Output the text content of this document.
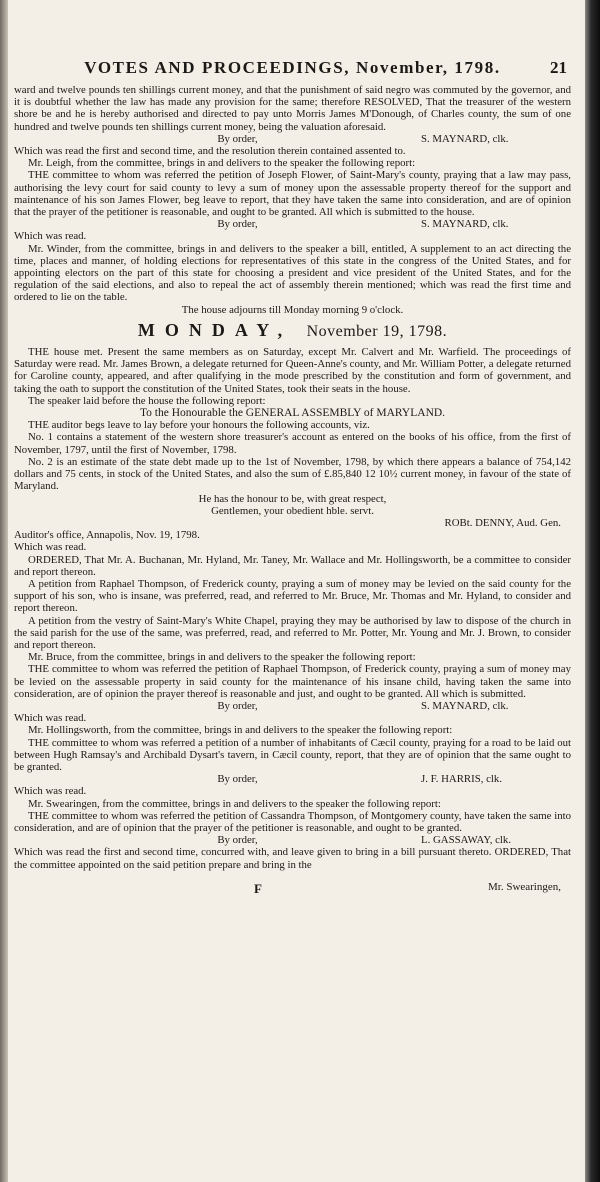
VOTES AND PROCEEDINGS, November, 1798.	21

ward and twelve pounds ten shillings current money, and that the punishment of said negro was commuted by the governor, and it is doubtful whether the law has made any provision for the same; therefore RESOLVED, That the treasurer of the western shore be and he is hereby authorised and directed to pay unto Morris James M'Donough, of Charles county, the sum of one hundred and twelve pounds ten shillings current money, being the valuation aforesaid.

By order,	S. MAYNARD, clk.

Which was read the first and second time, and the resolution therein contained assented to.

Mr. Leigh, from the committee, brings in and delivers to the speaker the following report:

THE committee to whom was referred the petition of Joseph Flower, of Saint-Mary's county, praying that a law may pass, authorising the levy court for said county to levy a sum of money upon the assessable property thereof for the support and maintenance of his son James Flower, beg leave to report, that they have taken the same into consideration, and are of opinion that the prayer of the petitioner is reasonable, and ought to be granted. All which is submitted to the house.

By order,	S. MAYNARD, clk.

Which was read.

Mr. Winder, from the committee, brings in and delivers to the speaker a bill, entitled, A supplement to an act directing the time, places and manner, of holding elections for representatives of this state in the congress of the United States, and for appointing electors on the part of this state for choosing a president and vice president of the United States, and for the regulation of the said elections, and also to repeal the act of assembly therein mentioned; which was read the first time and ordered to lie on the table.

The house adjourns till Monday morning 9 o'clock.

MONDAY, November 19, 1798.

THE house met. Present the same members as on Saturday, except Mr. Calvert and Mr. Warfield. The proceedings of Saturday were read. Mr. James Brown, a delegate returned for Queen-Anne's county, and Mr. William Potter, a delegate returned for Caroline county, appeared, and after qualifying in the mode prescribed by the constitution and form of government, and taking the oath to support the constitution of the United States, took their seats in the house.

The speaker laid before the house the following report:

To the Honourable the GENERAL ASSEMBLY of MARYLAND.

THE auditor begs leave to lay before your honours the following accounts, viz.

No. 1 contains a statement of the western shore treasurer's account as entered on the books of his office, from the first of November, 1797, until the first of November, 1798.

No. 2 is an estimate of the state debt made up to the 1st of November, 1798, by which there appears a balance of 754,142 dollars and 75 cents, in stock of the United States, and also the sum of £.85,840 12 10½ current money, in favour of the state of Maryland.

He has the honour to be, with great respect,

Gentlemen, your obedient hble. servt.

ROBt. DENNY, Aud. Gen.

Auditor's office, Annapolis, Nov. 19, 1798.

Which was read.

ORDERED, That Mr. A. Buchanan, Mr. Hyland, Mr. Taney, Mr. Wallace and Mr. Hollingsworth, be a committee to consider and report thereon.

A petition from Raphael Thompson, of Frederick county, praying a sum of money may be levied on the said county for the support of his son, who is insane, was preferred, read, and referred to Mr. Bruce, Mr. Thomas and Mr. Hyland, to consider and report thereon.

A petition from the vestry of Saint-Mary's White Chapel, praying they may be authorised by law to dispose of the church in the said parish for the use of the same, was preferred, read, and referred to Mr. Potter, Mr. Young and Mr. J. Brown, to consider and report thereon.

Mr. Bruce, from the committee, brings in and delivers to the speaker the following report:

THE committee to whom was referred the petition of Raphael Thompson, of Frederick county, praying a sum of money may be levied on the assessable property in said county for the maintenance of his insane child, having taken the same into consideration, are of opinion the prayer thereof is reasonable and just, and ought to be granted. All which is submitted.

By order,	S. MAYNARD, clk.

Which was read.

Mr. Hollingsworth, from the committee, brings in and delivers to the speaker the following report:

THE committee to whom was referred a petition of a number of inhabitants of Cæcil county, praying for a road to be laid out between Hugh Ramsay's and Archibald Dysart's tavern, in Cæcil county, report, that they are of opinion that the same ought to be granted.

By order,	J. F. HARRIS, clk.

Which was read.

Mr. Swearingen, from the committee, brings in and delivers to the speaker the following report:

THE committee to whom was referred the petition of Cassandra Thompson, of Montgomery county, have taken the same into consideration, and are of opinion that the prayer of the petitioner is reasonable, and ought to be granted.

By order,	L. GASSAWAY, clk.

Which was read the first and second time, concurred with, and leave given to bring in a bill pursuant thereto. ORDERED, That the committee appointed on the said petition prepare and bring in the

F	Mr. Swearingen,
